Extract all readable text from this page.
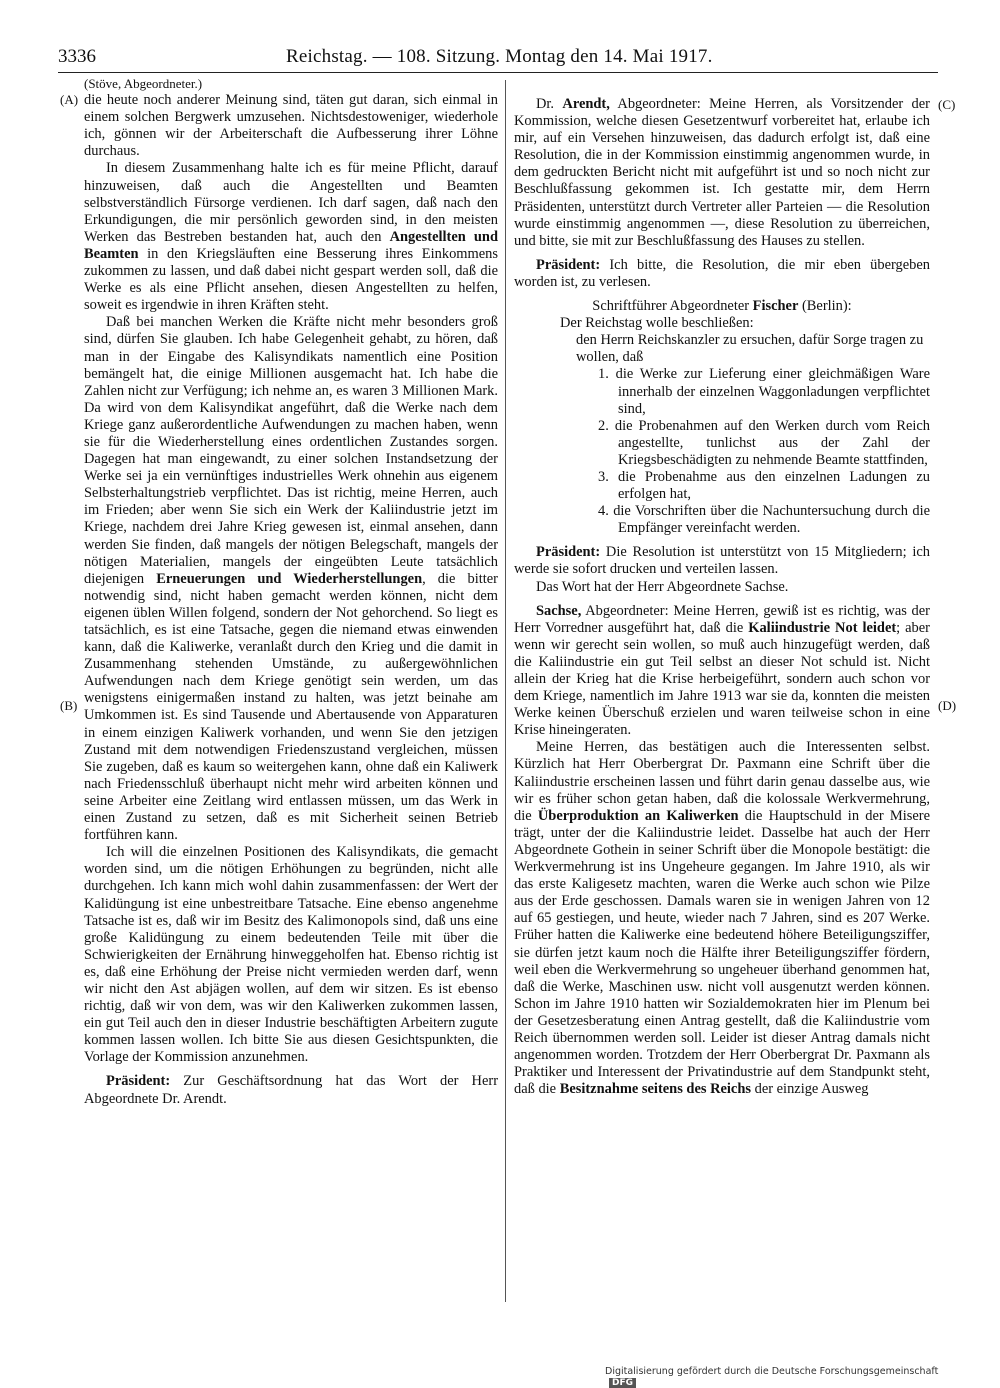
3336	Reichstag. — 108. Sitzung. Montag den 14. Mai 1917.
(A)
(B)
(C)
(D)

(Stöve, Abgeordneter.)

die heute noch anderer Meinung sind, täten gut daran, sich einmal in einem solchen Bergwerk umzusehen. Nichtsdestoweniger, wiederhole ich, gönnen wir der Arbeiterschaft die Aufbesserung ihrer Löhne durchaus.

In diesem Zusammenhang halte ich es für meine Pflicht, darauf hinzuweisen, daß auch die Angestellten und Beamten selbstverständlich Fürsorge verdienen. Ich darf sagen, daß nach den Erkundigungen, die mir persönlich geworden sind, in den meisten Werken das Bestreben bestanden hat, auch den Angestellten und Beamten in den Kriegsläuften eine Besserung ihres Einkommens zukommen zu lassen, und daß dabei nicht gespart werden soll, daß die Werke es als eine Pflicht ansehen, diesen Angestellten zu helfen, soweit es irgendwie in ihren Kräften steht.

Daß bei manchen Werken die Kräfte nicht mehr besonders groß sind, dürfen Sie glauben. Ich habe Gelegenheit gehabt, zu hören, daß man in der Eingabe des Kalisyndikats namentlich eine Position bemängelt hat, die einige Millionen ausgemacht hat. Ich habe die Zahlen nicht zur Verfügung; ich nehme an, es waren 3 Millionen Mark. Da wird von dem Kalisyndikat angeführt, daß die Werke nach dem Kriege ganz außerordentliche Aufwendungen zu machen haben, wenn sie für die Wiederherstellung eines ordentlichen Zustandes sorgen. Dagegen hat man eingewandt, zu einer solchen Instandsetzung der Werke sei ja ein vernünftiges industrielles Werk ohnehin aus eigenem Selbsterhaltungstrieb verpflichtet. Das ist richtig, meine Herren, auch im Frieden; aber wenn Sie sich ein Werk der Kaliindustrie jetzt im Kriege, nachdem drei Jahre Krieg gewesen ist, einmal ansehen, dann werden Sie finden, daß mangels der nötigen Belegschaft, mangels der nötigen Materialien, mangels der eingeübten Leute tatsächlich diejenigen Erneuerungen und Wiederherstellungen, die bitter notwendig sind, nicht haben gemacht werden können, nicht dem eigenen üblen Willen folgend, sondern der Not gehorchend. So liegt es tatsächlich, es ist eine Tatsache, gegen die niemand etwas einwenden kann, daß die Kaliwerke, veranlaßt durch den Krieg und die damit in Zusammenhang stehenden Umstände, zu außergewöhnlichen Aufwendungen nach dem Kriege genötigt sein werden, um das wenigstens einigermaßen instand zu halten, was jetzt beinahe am Umkommen ist. Es sind Tausende und Abertausende von Apparaturen in einem einzigen Kaliwerk vorhanden, und wenn Sie den jetzigen Zustand mit dem notwendigen Friedenszustand vergleichen, müssen Sie zugeben, daß es kaum so weitergehen kann, ohne daß ein Kaliwerk nach Friedensschluß überhaupt nicht mehr wird arbeiten können und seine Arbeiter eine Zeitlang wird entlassen müssen, um das Werk in einen Zustand zu setzen, daß es mit Sicherheit seinen Betrieb fortführen kann.

Ich will die einzelnen Positionen des Kalisyndikats, die gemacht worden sind, um die nötigen Erhöhungen zu begründen, nicht alle durchgehen. Ich kann mich wohl dahin zusammenfassen: der Wert der Kalidüngung ist eine unbestreitbare Tatsache. Eine ebenso angenehme Tatsache ist es, daß wir im Besitz des Kalimonopols sind, daß uns eine große Kalidüngung zu einem bedeutenden Teile mit über die Schwierigkeiten der Ernährung hinweggeholfen hat. Ebenso richtig ist es, daß eine Erhöhung der Preise nicht vermieden werden darf, wenn wir nicht den Ast abjägen wollen, auf dem wir sitzen. Es ist ebenso richtig, daß wir von dem, was wir den Kaliwerken zukommen lassen, ein gut Teil auch den in dieser Industrie beschäftigten Arbeitern zugute kommen lassen wollen. Ich bitte Sie aus diesen Gesichtspunkten, die Vorlage der Kommission anzunehmen.

Präsident: Zur Geschäftsordnung hat das Wort der Herr Abgeordnete Dr. Arendt.

Dr. Arendt, Abgeordneter: Meine Herren, als Vorsitzender der Kommission, welche diesen Gesetzentwurf vorbereitet hat, erlaube ich mir, auf ein Versehen hinzuweisen, das dadurch erfolgt ist, daß eine Resolution, die in der Kommission einstimmig angenommen wurde, in dem gedruckten Bericht nicht mit aufgeführt ist und so noch nicht zur Beschlußfassung gekommen ist. Ich gestatte mir, dem Herrn Präsidenten, unterstützt durch Vertreter aller Parteien — die Resolution wurde einstimmig angenommen —, diese Resolution zu überreichen, und bitte, sie mit zur Beschlußfassung des Hauses zu stellen.

Präsident: Ich bitte, die Resolution, die mir eben übergeben worden ist, zu verlesen.

Schriftführer Abgeordneter Fischer (Berlin):

Der Reichstag wolle beschließen:

den Herrn Reichskanzler zu ersuchen, dafür Sorge tragen zu wollen, daß

1. die Werke zur Lieferung einer gleichmäßigen Ware innerhalb der einzelnen Waggonladungen verpflichtet sind,

2. die Probenahmen auf den Werken durch vom Reich angestellte, tunlichst aus der Zahl der Kriegsbeschädigten zu nehmende Beamte stattfinden,

3. die Probenahme aus den einzelnen Ladungen zu erfolgen hat,

4. die Vorschriften über die Nachuntersuchung durch die Empfänger vereinfacht werden.

Präsident: Die Resolution ist unterstützt von 15 Mitgliedern; ich werde sie sofort drucken und verteilen lassen.

Das Wort hat der Herr Abgeordnete Sachse.

Sachse, Abgeordneter: Meine Herren, gewiß ist es richtig, was der Herr Vorredner ausgeführt hat, daß die Kaliindustrie Not leidet; aber wenn wir gerecht sein wollen, so muß auch hinzugefügt werden, daß die Kaliindustrie ein gut Teil selbst an dieser Not schuld ist. Nicht allein der Krieg hat die Krise herbeigeführt, sondern auch schon vor dem Kriege, namentlich im Jahre 1913 war sie da, konnten die meisten Werke keinen Überschuß erzielen und waren teilweise schon in eine Krise hineingeraten.

Meine Herren, das bestätigen auch die Interessenten selbst. Kürzlich hat Herr Oberbergrat Dr. Paxmann eine Schrift über die Kaliindustrie erscheinen lassen und führt darin genau dasselbe aus, wie wir es früher schon getan haben, daß die kolossale Werkvermehrung, die Überproduktion an Kaliwerken die Hauptschuld in der Misere trägt, unter der die Kaliindustrie leidet. Dasselbe hat auch der Herr Abgeordnete Gothein in seiner Schrift über die Monopole bestätigt: die Werkvermehrung ist ins Ungeheure gegangen. Im Jahre 1910, als wir das erste Kaligesetz machten, waren die Werke auch schon wie Pilze aus der Erde geschossen. Damals waren sie in wenigen Jahren von 12 auf 65 gestiegen, und heute, wieder nach 7 Jahren, sind es 207 Werke. Früher hatten die Kaliwerke eine bedeutend höhere Beteiligungsziffer, sie dürfen jetzt kaum noch die Hälfte ihrer Beteiligungsziffer fördern, weil eben die Werkvermehrung so ungeheuer überhand genommen hat, daß die Werke, Maschinen usw. nicht voll ausgenutzt werden können. Schon im Jahre 1910 hatten wir Sozialdemokraten hier im Plenum bei der Gesetzesberatung einen Antrag gestellt, daß die Kaliindustrie vom Reich übernommen werden soll. Leider ist dieser Antrag damals nicht angenommen worden. Trotzdem der Herr Oberbergrat Dr. Paxmann als Praktiker und Interessent der Privatindustrie auf dem Standpunkt steht, daß die Besitznahme seitens des Reichs der einzige Ausweg

Digitalisierung gefördert durch die Deutsche ForschungsgemeinschaftDFG
